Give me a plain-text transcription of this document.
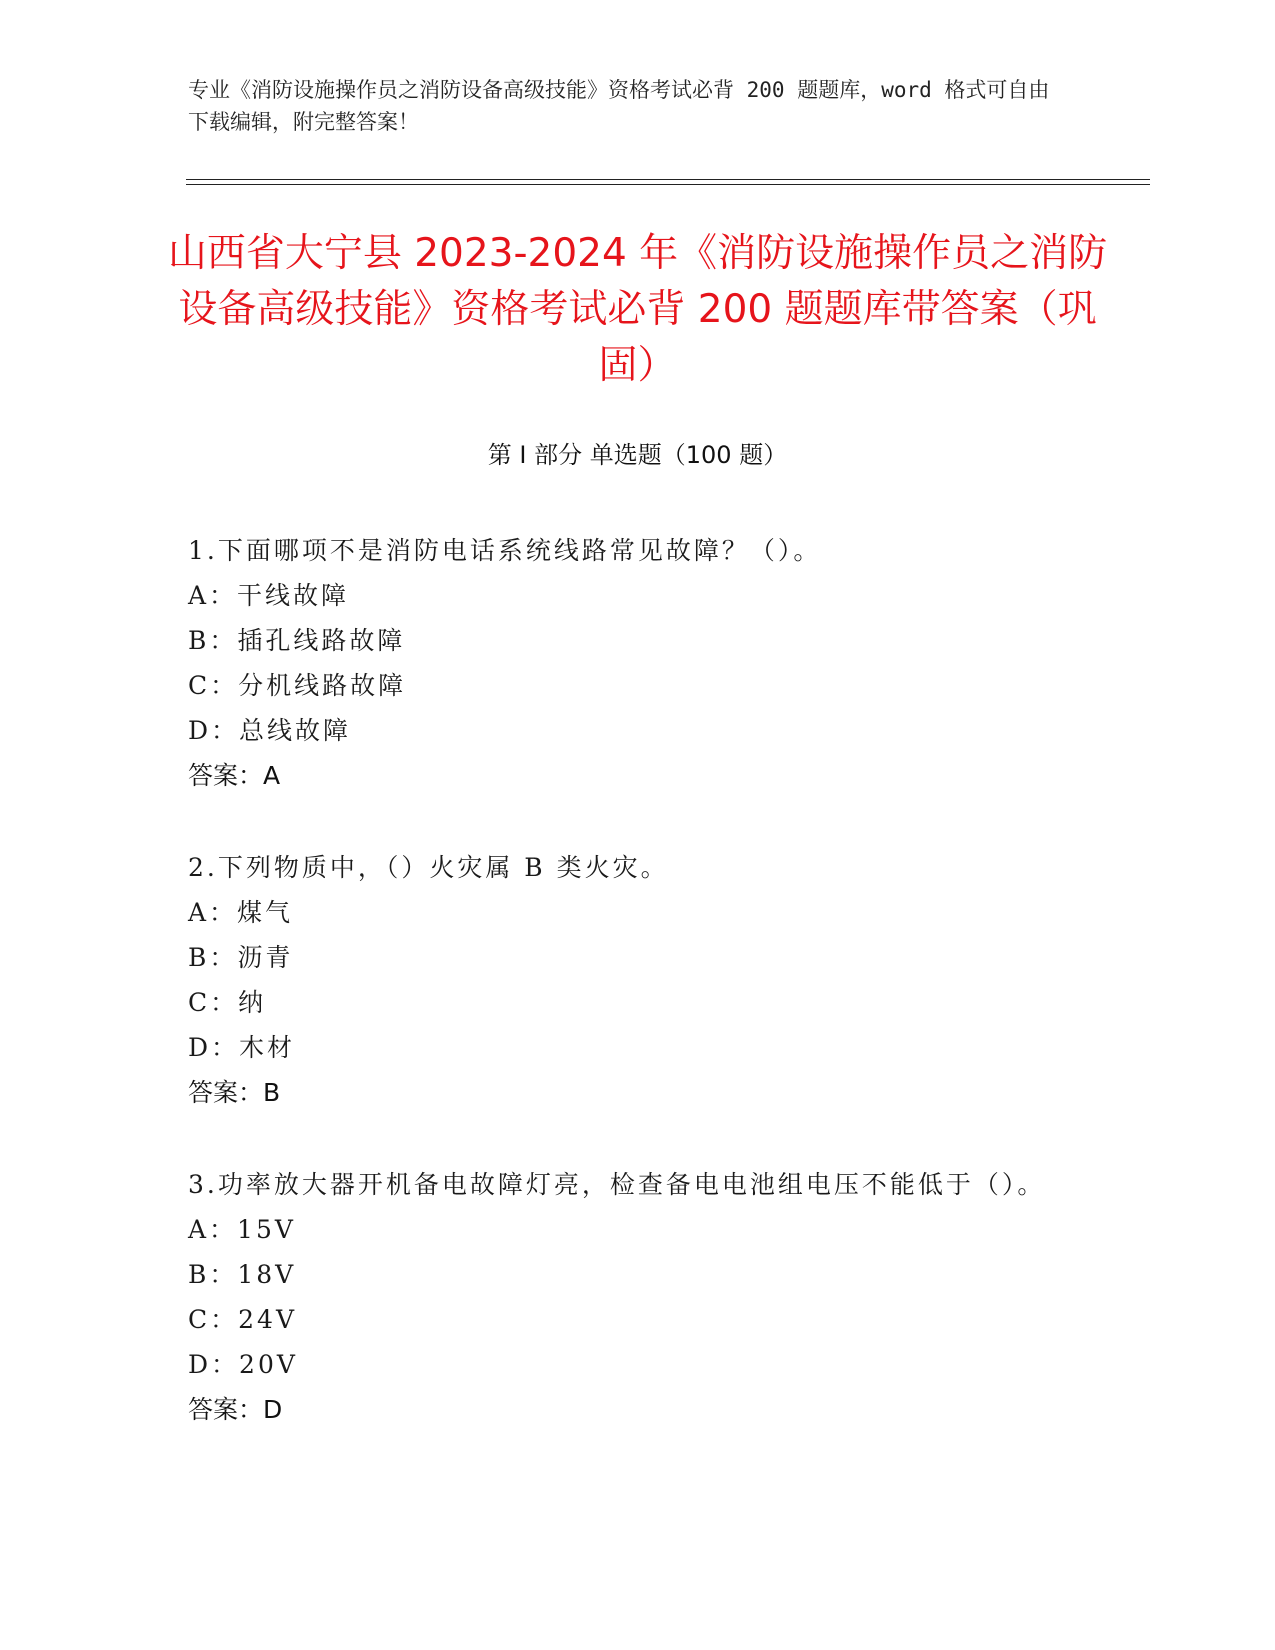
专业《消防设施操作员之消防设备高级技能》资格考试必背 200 题题库，word 格式可自由下载编辑，附完整答案！
山西省大宁县 2023-2024 年《消防设施操作员之消防设备高级技能》资格考试必背 200 题题库带答案（巩固）
第 I 部分 单选题（100 题）
1.下面哪项不是消防电话系统线路常见故障？（）。
A：干线故障
B：插孔线路故障
C：分机线路故障
D：总线故障
答案：A
2.下列物质中，（）火灾属 B 类火灾。
A：煤气
B：沥青
C：纳
D：木材
答案：B
3.功率放大器开机备电故障灯亮，检查备电电池组电压不能低于（）。
A：15V
B：18V
C：24V
D：20V
答案：D
